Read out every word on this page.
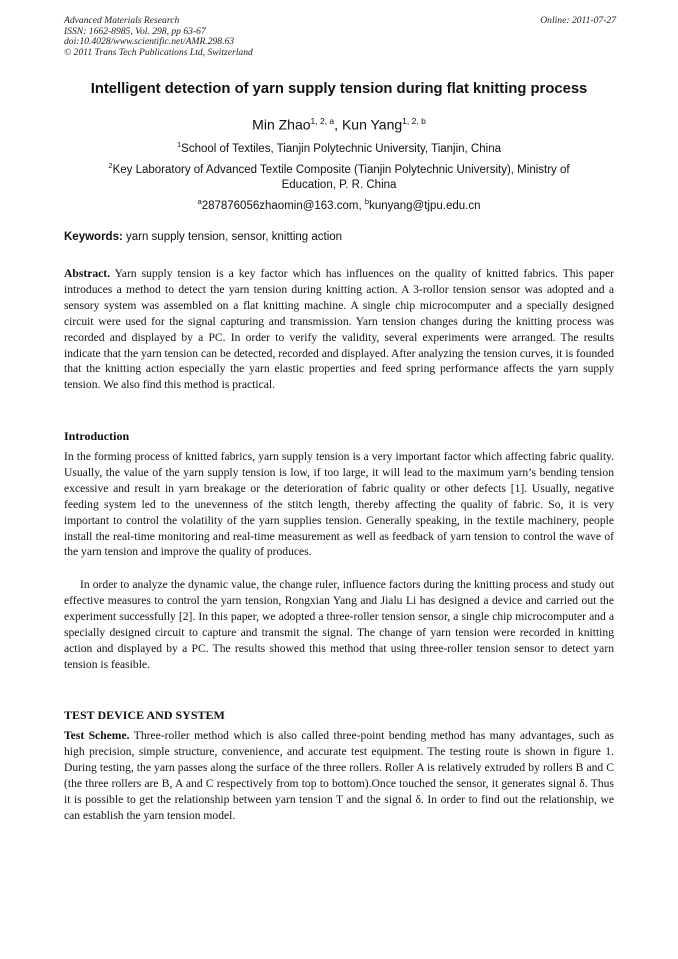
Advanced Materials Research
ISSN: 1662-8985, Vol. 298, pp 63-67
doi:10.4028/www.scientific.net/AMR.298.63
© 2011 Trans Tech Publications Ltd, Switzerland
Online: 2011-07-27
Intelligent detection of yarn supply tension during flat knitting process
Min Zhao$^{1, 2, a}$, Kun Yang$^{1, 2, b}$
$^1$School of Textiles, Tianjin Polytechnic University, Tianjin, China
$^2$Key Laboratory of Advanced Textile Composite (Tianjin Polytechnic University), Ministry of Education, P. R. China
$^a$287876056zhaomin@163.com, $^b$kunyang@tjpu.edu.cn
Keywords: yarn supply tension, sensor, knitting action

Abstract. Yarn supply tension is a key factor which has influences on the quality of knitted fabrics. This paper introduces a method to detect the yarn tension during knitting action. A 3-rollor tension sensor was adopted and a sensory system was assembled on a flat knitting machine. A single chip microcomputer and a specially designed circuit were used for the signal capturing and transmission. Yarn tension changes during the knitting process was recorded and displayed by a PC. In order to verify the validity, several experiments were arranged. The results indicate that the yarn tension can be detected, recorded and displayed. After analyzing the tension curves, it is founded that the knitting action especially the yarn elastic properties and feed spring performance affects the yarn supply tension. We also find this method is practical.

Introduction

In the forming process of knitted fabrics, yarn supply tension is a very important factor which affecting fabric quality. Usually, the value of the yarn supply tension is low, if too large, it will lead to the maximum yarn’s bending tension excessive and result in yarn breakage or the deterioration of fabric quality or other defects [1]. Usually, negative feeding system led to the unevenness of the stitch length, thereby affecting the quality of fabric. So, it is very important to control the volatility of the yarn supplies tension. Generally speaking, in the textile machinery, people install the real-time monitoring and real-time measurement as well as feedback of yarn tension to control the wave of the yarn tension and improve the quality of produces.

In order to analyze the dynamic value, the change ruler, influence factors during the knitting process and study out effective measures to control the yarn tension, Rongxian Yang and Jialu Li has designed a device and carried out the experiment successfully [2]. In this paper, we adopted a three-roller tension sensor, a single chip microcomputer and a specially designed circuit to capture and transmit the signal. The change of yarn tension were recorded in knitting action and displayed by a PC. The results showed this method that using three-roller tension sensor to detect yarn tension is feasible.

TEST DEVICE AND SYSTEM

Test Scheme. Three-roller method which is also called three-point bending method has many advantages, such as high precision, simple structure, convenience, and accurate test equipment. The testing route is shown in figure 1. During testing, the yarn passes along the surface of the three rollers. Roller A is relatively extruded by rollers B and C (the three rollers are B, A and C respectively from top to bottom).Once touched the sensor, it generates signal δ. Thus it is possible to get the relationship between yarn tension T and the signal δ. In order to find out the relationship, we can establish the yarn tension model.
